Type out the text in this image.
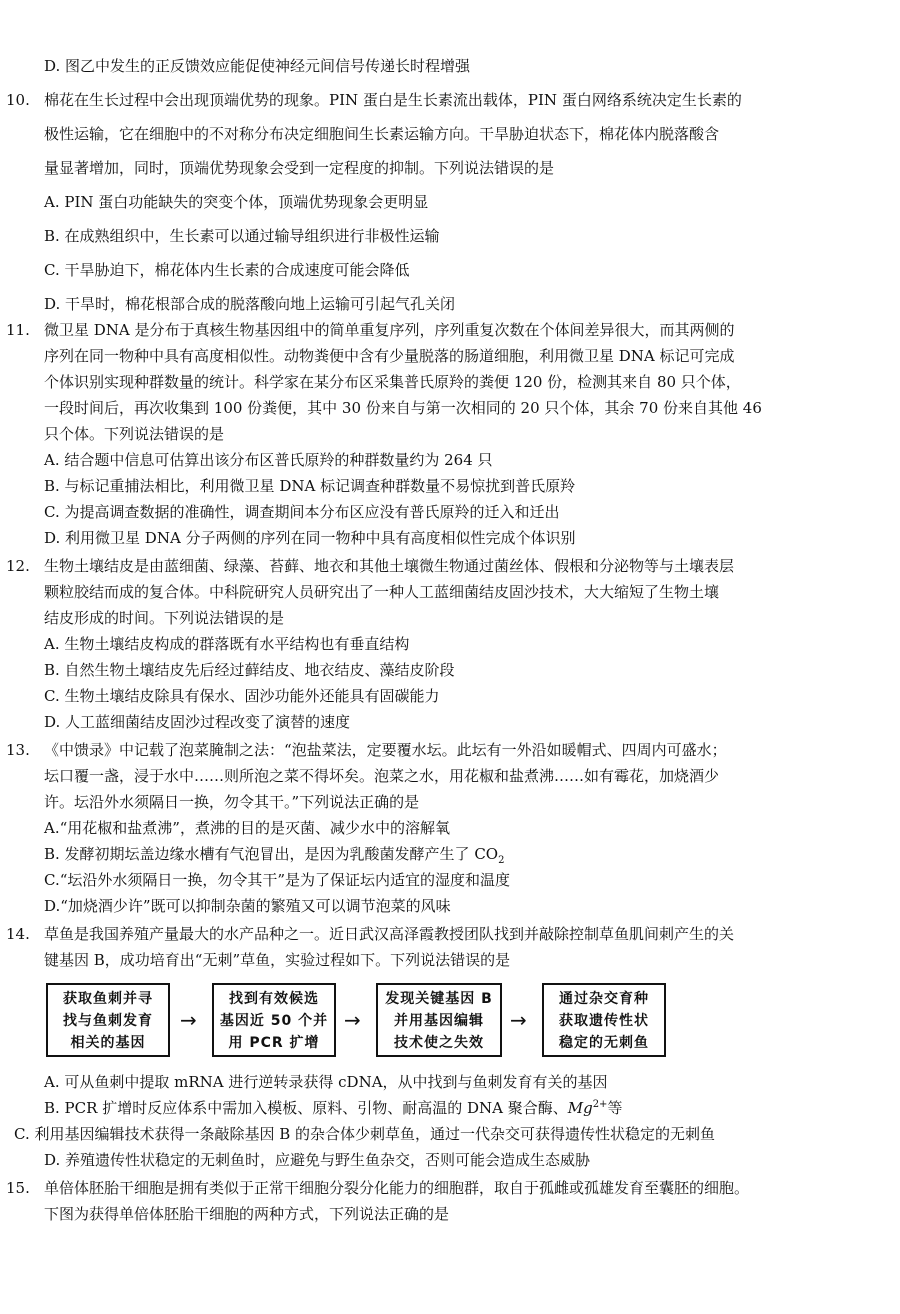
D. 图乙中发生的正反馈效应能促使神经元间信号传递长时程增强
10. 棉花在生长过程中会出现顶端优势的现象。PIN 蛋白是生长素流出载体，PIN 蛋白网络系统决定生长素的
极性运输，它在细胞中的不对称分布决定细胞间生长素运输方向。干旱胁迫状态下，棉花体内脱落酸含
量显著增加，同时，顶端优势现象会受到一定程度的抑制。下列说法错误的是
A. PIN 蛋白功能缺失的突变个体，顶端优势现象会更明显
B. 在成熟组织中，生长素可以通过输导组织进行非极性运输
C. 干旱胁迫下，棉花体内生长素的合成速度可能会降低
D. 干旱时，棉花根部合成的脱落酸向地上运输可引起气孔关闭
11. 微卫星 DNA 是分布于真核生物基因组中的简单重复序列，序列重复次数在个体间差异很大，而其两侧的
序列在同一物种中具有高度相似性。动物粪便中含有少量脱落的肠道细胞，利用微卫星 DNA 标记可完成
个体识别实现种群数量的统计。科学家在某分布区采集普氏原羚的粪便 120 份，检测其来自 80 只个体，
一段时间后，再次收集到 100 份粪便，其中 30 份来自与第一次相同的 20 只个体，其余 70 份来自其他 46
只个体。下列说法错误的是
A. 结合题中信息可估算出该分布区普氏原羚的种群数量约为 264 只
B. 与标记重捕法相比，利用微卫星 DNA 标记调查种群数量不易惊扰到普氏原羚
C. 为提高调查数据的准确性，调查期间本分布区应没有普氏原羚的迁入和迁出
D. 利用微卫星 DNA 分子两侧的序列在同一物种中具有高度相似性完成个体识别
12. 生物土壤结皮是由蓝细菌、绿藻、苔藓、地衣和其他土壤微生物通过菌丝体、假根和分泌物等与土壤表层
颗粒胶结而成的复合体。中科院研究人员研究出了一种人工蓝细菌结皮固沙技术，大大缩短了生物土壤
结皮形成的时间。下列说法错误的是
A. 生物土壤结皮构成的群落既有水平结构也有垂直结构
B. 自然生物土壤结皮先后经过藓结皮、地衣结皮、藻结皮阶段
C. 生物土壤结皮除具有保水、固沙功能外还能具有固碳能力
D. 人工蓝细菌结皮固沙过程改变了演替的速度
13. 《中馈录》中记载了泡菜腌制之法：“泡盐菜法，定要覆水坛。此坛有一外沿如暖帽式、四周内可盛水；
坛口覆一盏，浸于水中……则所泡之菜不得坏矣。泡菜之水，用花椒和盐煮沸……如有霉花，加烧酒少
许。坛沿外水须隔日一换，勿令其干。”下列说法正确的是
A.“用花椒和盐煮沸”，煮沸的目的是灭菌、减少水中的溶解氧
B. 发酵初期坛盖边缘水槽有气泡冒出，是因为乳酸菌发酵产生了 $CO_2$
C.“坛沿外水须隔日一换，勿令其干”是为了保证坛内适宜的湿度和温度
D.“加烧酒少许”既可以抑制杂菌的繁殖又可以调节泡菜的风味
14. 草鱼是我国养殖产量最大的水产品种之一。近日武汉高泽霞教授团队找到并敲除控制草鱼肌间刺产生的关
键基因 B，成功培育出“无刺”草鱼，实验过程如下。下列说法错误的是
获取鱼刺并寻
找与鱼刺发育
相关的基因
→
找到有效候选
基因近 50 个并
用 PCR 扩增
→
发现关键基因 B
并用基因编辑
技术使之失效
→
通过杂交育种
获取遗传性状
稳定的无刺鱼
A. 可从鱼刺中提取 mRNA 进行逆转录获得 cDNA，从中找到与鱼刺发育有关的基因
B. PCR 扩增时反应体系中需加入模板、原料、引物、耐高温的 DNA 聚合酶、$Mg^{2+}$等
C. 利用基因编辑技术获得一条敲除基因 B 的杂合体少刺草鱼，通过一代杂交可获得遗传性状稳定的无刺鱼
D. 养殖遗传性状稳定的无刺鱼时，应避免与野生鱼杂交，否则可能会造成生态威胁
15. 单倍体胚胎干细胞是拥有类似于正常干细胞分裂分化能力的细胞群，取自于孤雌或孤雄发育至囊胚的细胞。
下图为获得单倍体胚胎干细胞的两种方式，下列说法正确的是
